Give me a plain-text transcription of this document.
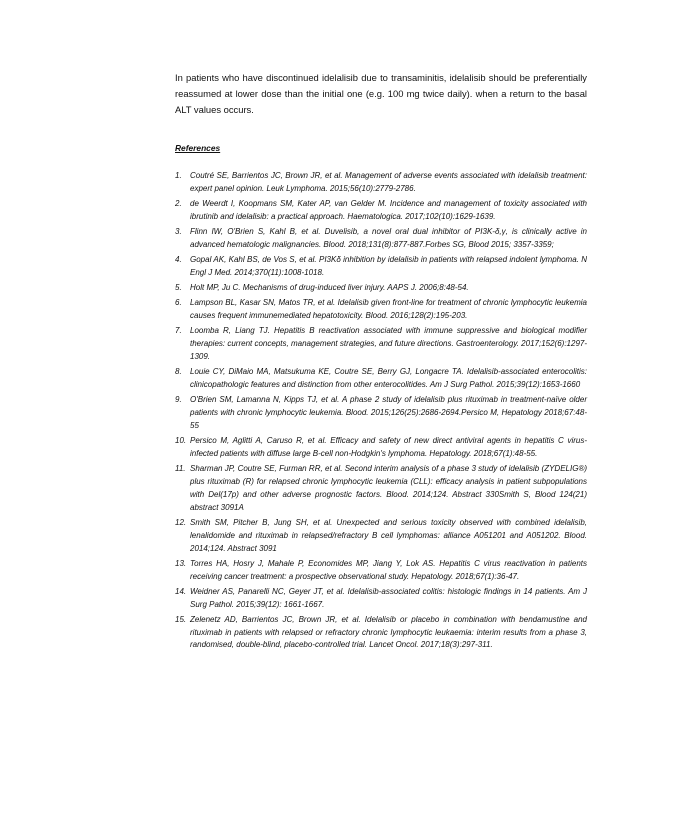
In patients who have discontinued idelalisib due to transaminitis, idelalisib should be preferentially reassumed at lower dose than the initial one (e.g. 100 mg twice daily). when a return to the basal ALT values occurs.

References
1.	Coutré SE, Barrientos JC, Brown JR, et al. Management of adverse events associated with idelalisib treatment: expert panel opinion. Leuk Lymphoma. 2015;56(10):2779-2786.
2.	de Weerdt I, Koopmans SM, Kater AP, van Gelder M. Incidence and management of toxicity associated with ibrutinib and idelalisib: a practical approach. Haematologica. 2017;102(10):1629-1639.
3.	Flinn IW, O'Brien S, Kahl B, et al. Duvelisib, a novel oral dual inhibitor of PI3K-δ,γ, is clinically active in advanced hematologic malignancies. Blood. 2018;131(8):877-887.Forbes SG, Blood 2015; 3357-3359;
4.	Gopal AK, Kahl BS, de Vos S, et al. PI3Kδ inhibition by idelalisib in patients with relapsed indolent lymphoma. N Engl J Med. 2014;370(11):1008-1018.
5.	Holt MP, Ju C. Mechanisms of drug-induced liver injury. AAPS J. 2006;8:48-54.
6.	Lampson BL, Kasar SN, Matos TR, et al. Idelalisib given front-line for treatment of chronic lymphocytic leukemia causes frequent immunemediated hepatotoxicity. Blood. 2016;128(2):195-203.
7.	Loomba R, Liang TJ. Hepatitis B reactivation associated with immune suppressive and biological modifier therapies: current concepts, management strategies, and future directions. Gastroenterology. 2017;152(6):1297-1309.
8.	Louie CY, DiMaio MA, Matsukuma KE, Coutre SE, Berry GJ, Longacre TA. Idelalisib-associated enterocolitis: clinicopathologic features and distinction from other enterocolitides. Am J Surg Pathol. 2015;39(12):1653-1660
9.	O'Brien SM, Lamanna N, Kipps TJ, et al. A phase 2 study of idelalisib plus rituximab in treatment-naïve older patients with chronic lymphocytic leukemia. Blood. 2015;126(25):2686-2694.Persico M, Hepatology 2018;67:48-55
10. Persico M, Aglitti A, Caruso R, et al. Efficacy and safety of new direct antiviral agents in hepatitis C virus-infected patients with diffuse large B-cell non-Hodgkin's lymphoma. Hepatology. 2018;67(1):48-55.
11. Sharman JP, Coutre SE, Furman RR, et al. Second interim analysis of a phase 3 study of idelalisib (ZYDELIG®) plus rituximab (R) for relapsed chronic lymphocytic leukemia (CLL): efficacy analysis in patient subpopulations with Del(17p) and other adverse prognostic factors. Blood. 2014;124. Abstract 330Smith S, Blood 124(21) abstract 3091A
12. Smith SM, Pitcher B, Jung SH, et al. Unexpected and serious toxicity observed with combined idelalisib, lenalidomide and rituximab in relapsed/refractory B cell lymphomas: alliance A051201 and A051202. Blood. 2014;124. Abstract 3091
13. Torres HA, Hosry J, Mahale P, Economides MP, Jiang Y, Lok AS. Hepatitis C virus reactivation in patients receiving cancer treatment: a prospective observational study. Hepatology. 2018;67(1):36-47.
14. Weidner AS, Panarelli NC, Geyer JT, et al. Idelalisib-associated colitis: histologic findings in 14 patients. Am J Surg Pathol. 2015;39(12): 1661-1667.
15. Zelenetz AD, Barrientos JC, Brown JR, et al. Idelalisib or placebo in combination with bendamustine and rituximab in patients with relapsed or refractory chronic lymphocytic leukaemia: interim results from a phase 3, randomised, double-blind, placebo-controlled trial. Lancet Oncol. 2017;18(3):297-311.
